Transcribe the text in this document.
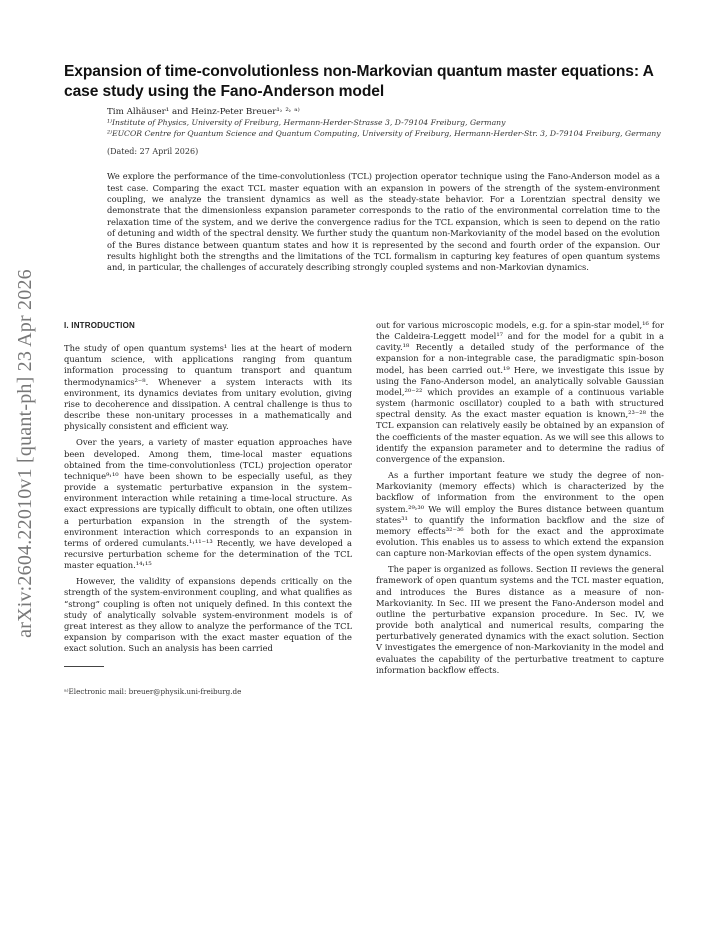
arXiv:2604.22010v1 [quant-ph] 23 Apr 2026
Expansion of time-convolutionless non-Markovian quantum master equations: A case study using the Fano-Anderson model
Tim Alhäuser¹ and Heinz-Peter Breuer¹˒ ²˒ ᵃ⁾
¹⁾Institute of Physics, University of Freiburg, Hermann-Herder-Strasse 3, D-79104 Freiburg, Germany
²⁾EUCOR Centre for Quantum Science and Quantum Computing, University of Freiburg, Hermann-Herder-Str. 3, D-79104 Freiburg, Germany
(Dated: 27 April 2026)
We explore the performance of the time-convolutionless (TCL) projection operator technique using the Fano-Anderson model as a test case. Comparing the exact TCL master equation with an expansion in powers of the strength of the system-environment coupling, we analyze the transient dynamics as well as the steady-state behavior. For a Lorentzian spectral density we demonstrate that the dimensionless expansion parameter corresponds to the ratio of the environmental correlation time to the relaxation time of the system, and we derive the convergence radius for the TCL expansion, which is seen to depend on the ratio of detuning and width of the spectral density. We further study the quantum non-Markovianity of the model based on the evolution of the Bures distance between quantum states and how it is represented by the second and fourth order of the expansion. Our results highlight both the strengths and the limitations of the TCL formalism in capturing key features of open quantum systems and, in particular, the challenges of accurately describing strongly coupled systems and non-Markovian dynamics.
I. INTRODUCTION

The study of open quantum systems¹ lies at the heart of modern quantum science, with applications ranging from quantum information processing to quantum transport and quantum thermodynamics²⁻⁸. Whenever a system interacts with its environment, its dynamics deviates from unitary evolution, giving rise to decoherence and dissipation. A central challenge is thus to describe these non-unitary processes in a mathematically and physically consistent and efficient way.

Over the years, a variety of master equation approaches have been developed. Among them, time-local master equations obtained from the time-convolutionless (TCL) projection operator technique⁹˒¹⁰ have been shown to be especially useful, as they provide a systematic perturbative expansion in the system–environment interaction while retaining a time-local structure. As exact expressions are typically difficult to obtain, one often utilizes a perturbation expansion in the strength of the system-environment interaction which corresponds to an expansion in terms of ordered cumulants.¹˒¹¹⁻¹³ Recently, we have developed a recursive perturbation scheme for the determination of the TCL master equation.¹⁴˒¹⁵

However, the validity of expansions depends critically on the strength of the system-environment coupling, and what qualifies as “strong” coupling is often not uniquely defined. In this context the study of analytically solvable system-environment models is of great interest as they allow to analyze the performance of the TCL expansion by comparison with the exact master equation of the exact solution. Such an analysis has been carried

ᵃ⁾Electronic mail: breuer@physik.uni-freiburg.de

out for various microscopic models, e.g. for a spin-star model,¹⁶ for the Caldeira-Leggett model¹⁷ and for the model for a qubit in a cavity.¹⁸ Recently a detailed study of the performance of the expansion for a non-integrable case, the paradigmatic spin-boson model, has been carried out.¹⁹ Here, we investigate this issue by using the Fano-Anderson model, an analytically solvable Gaussian model,²⁰⁻²² which provides an example of a continuous variable system (harmonic oscillator) coupled to a bath with structured spectral density. As the exact master equation is known,²³⁻²⁸ the TCL expansion can relatively easily be obtained by an expansion of the coefficients of the master equation. As we will see this allows to identify the expansion parameter and to determine the radius of convergence of the expansion.

As a further important feature we study the degree of non-Markovianity (memory effects) which is characterized by the backflow of information from the environment to the open system.²⁹˒³⁰ We will employ the Bures distance between quantum states³¹ to quantify the information backflow and the size of memory effects³²⁻³⁶ both for the exact and the approximate evolution. This enables us to assess to which extend the expansion can capture non-Markovian effects of the open system dynamics.

The paper is organized as follows. Section II reviews the general framework of open quantum systems and the TCL master equation, and introduces the Bures distance as a measure of non-Markovianity. In Sec. III we present the Fano-Anderson model and outline the perturbative expansion procedure. In Sec. IV, we provide both analytical and numerical results, comparing the perturbatively generated dynamics with the exact solution. Section V investigates the emergence of non-Markovianity in the model and evaluates the capability of the perturbative treatment to capture information backflow effects.
